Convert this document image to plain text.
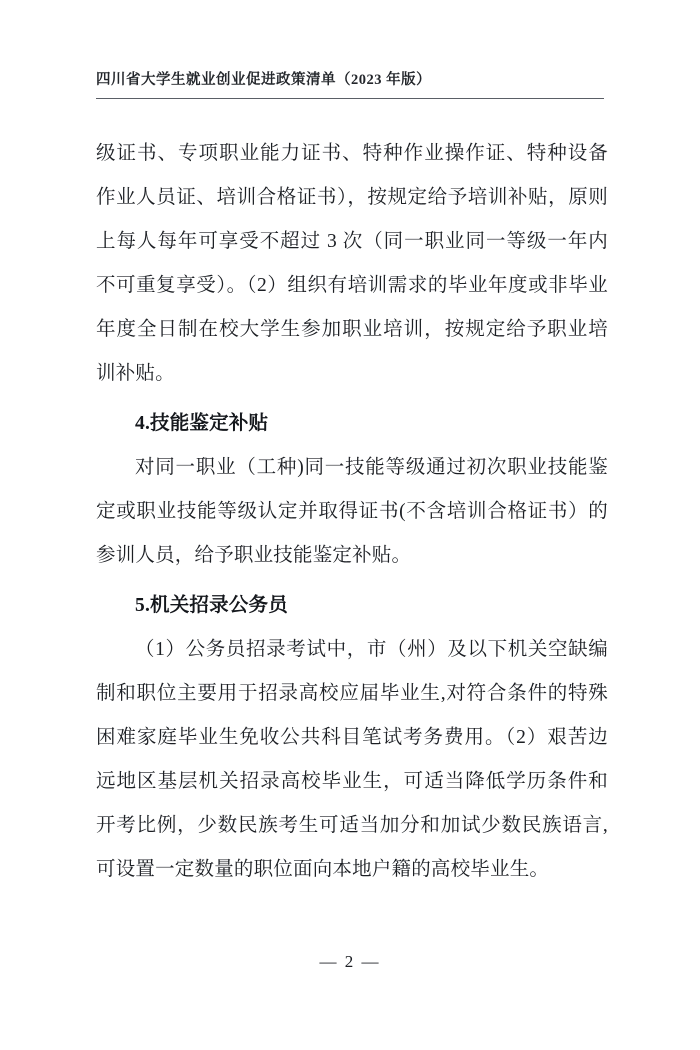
四川省大学生就业创业促进政策清单（2023 年版）

级证书、专项职业能力证书、特种作业操作证、特种设备作业人员证、培训合格证书），按规定给予培训补贴，原则上每人每年可享受不超过 3 次（同一职业同一等级一年内不可重复享受）。（2）组织有培训需求的毕业年度或非毕业年度全日制在校大学生参加职业培训，按规定给予职业培训补贴。

4.技能鉴定补贴

对同一职业（工种)同一技能等级通过初次职业技能鉴定或职业技能等级认定并取得证书(不含培训合格证书）的参训人员，给予职业技能鉴定补贴。

5.机关招录公务员

（1）公务员招录考试中，市（州）及以下机关空缺编制和职位主要用于招录高校应届毕业生,对符合条件的特殊困难家庭毕业生免收公共科目笔试考务费用。（2）艰苦边远地区基层机关招录高校毕业生，可适当降低学历条件和开考比例，少数民族考生可适当加分和加试少数民族语言,可设置一定数量的职位面向本地户籍的高校毕业生。

— 2 —
